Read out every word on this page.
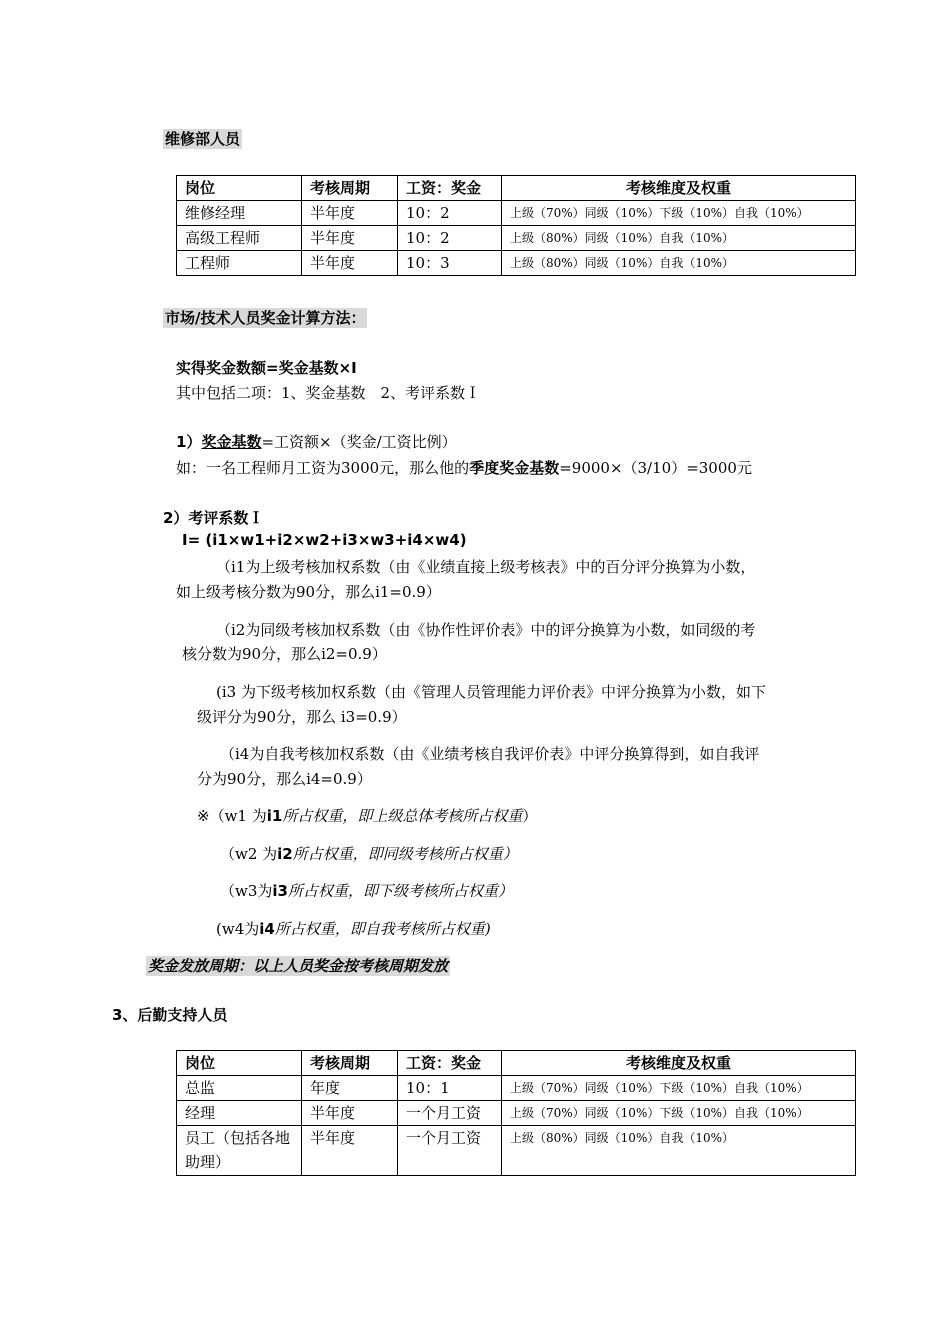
维修部人员
岗位	考核周期	工资：奖金	考核维度及权重
维修经理	半年度	10：2	上级（70%）同级（10%）下级（10%）自我（10%）
高级工程师	半年度	10：2	上级（80%）同级（10%）自我（10%）
工程师	半年度	10：3	上级（80%）同级（10%）自我（10%）
市场/技术人员奖金计算方法：
实得奖金数额=奖金基数×I
其中包括二项：1、奖金基数　2、考评系数Ｉ
1）奖金基数=工资额×（奖金/工资比例）
如：一名工程师月工资为3000元，那么他的季度奖金基数=9000×（3/10）=3000元
2）考评系数Ｉ
I= (i1×w1+i2×w2+i3×w3+i4×w4)
（i1为上级考核加权系数（由《业绩直接上级考核表》中的百分评分换算为小数，
如上级考核分数为90分，那么i1=0.9）
（i2为同级考核加权系数（由《协作性评价表》中的评分换算为小数，如同级的考
核分数为90分，那么i2=0.9）
(i3 为下级考核加权系数（由《管理人员管理能力评价表》中评分换算为小数，如下
级评分为90分，那么 i3=0.9）
（i4为自我考核加权系数（由《业绩考核自我评价表》中评分换算得到，如自我评
分为90分，那么i4=0.9）
※（w1 为i1所占权重，即上级总体考核所占权重）
（w2 为i2所占权重，即同级考核所占权重）
（w3为i3所占权重，即下级考核所占权重）
(w4为i4所占权重，即自我考核所占权重)
奖金发放周期：以上人员奖金按考核周期发放
3、后勤支持人员
岗位	考核周期	工资：奖金	考核维度及权重
总监	年度	10：1	上级（70%）同级（10%）下级（10%）自我（10%）
经理	半年度	一个月工资	上级（70%）同级（10%）下级（10%）自我（10%）
员工（包括各地助理）	半年度	一个月工资	上级（80%）同级（10%）自我（10%）
